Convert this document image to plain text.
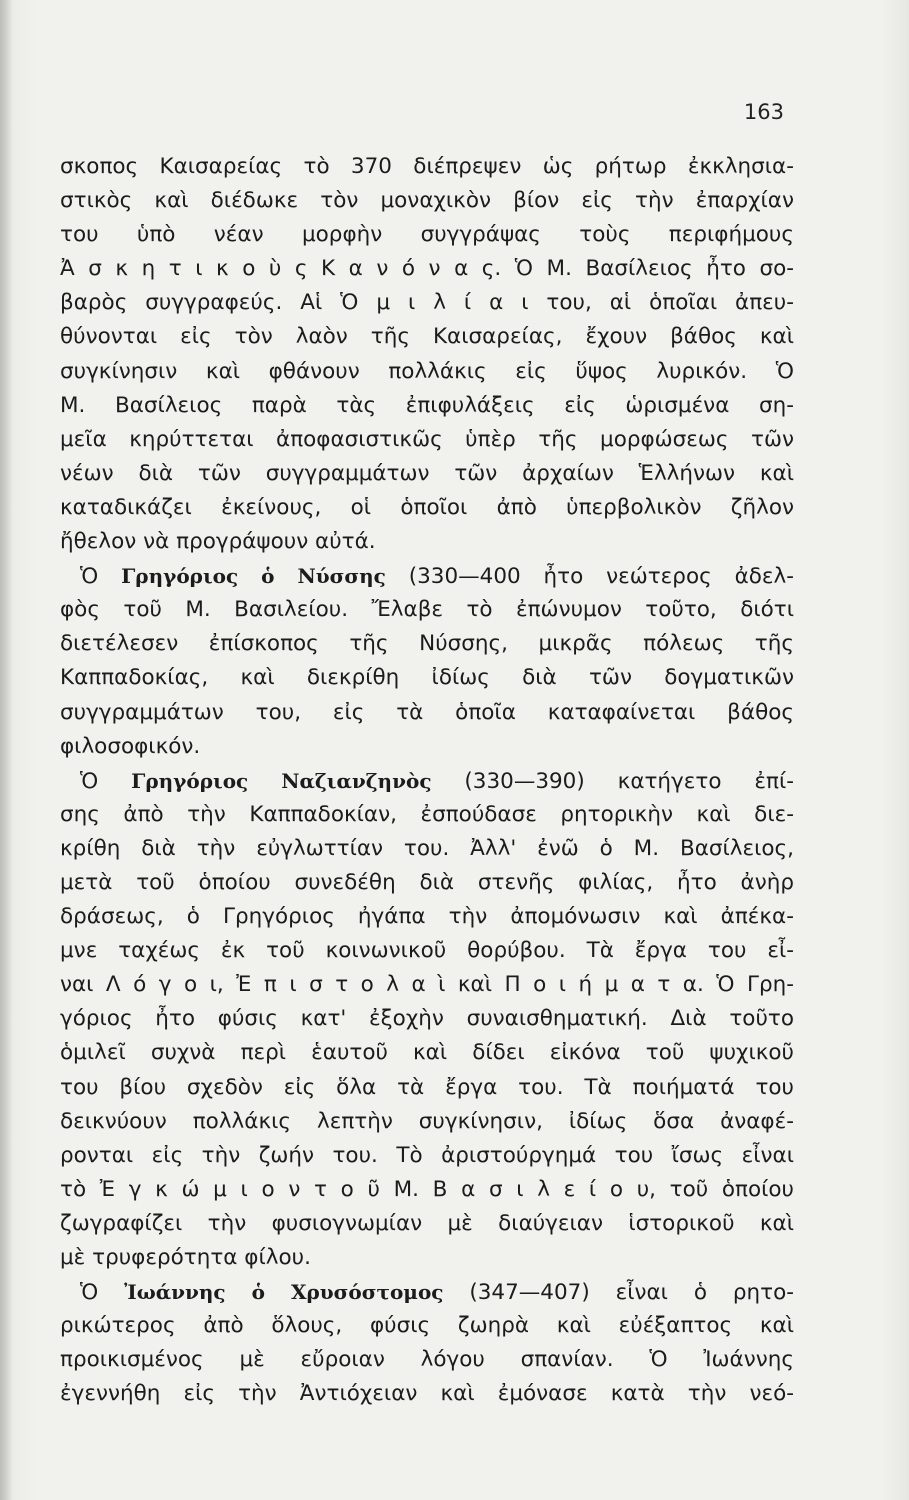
163
σκοπος Καισαρείας τὸ 370 διέπρεψεν ὡς ρήτωρ ἐκκλησια-
στικὸς καὶ διέδωκε τὸν μοναχικὸν βίον εἰς τὴν ἐπαρχίαν
του ὑπὸ νέαν μορφὴν συγγράψας τοὺς περιφήμους
Ἀ σ κ η τ ι κ ο ὺ ς Κ α ν ό ν α ς. Ὁ Μ. Βασίλειος ἦτο σο-
βαρὸς συγγραφεύς. Αἱ Ὁ μ ι λ ί α ι του, αἱ ὁποῖαι ἀπευ-
θύνονται εἰς τὸν λαὸν τῆς Καισαρείας, ἔχουν βάθος καὶ
συγκίνησιν καὶ φθάνουν πολλάκις εἰς ὕψος λυρικόν. Ὁ
Μ. Βασίλειος παρὰ τὰς ἐπιφυλάξεις εἰς ὡρισμένα ση-
μεῖα κηρύττεται ἀποφασιστικῶς ὑπὲρ τῆς μορφώσεως τῶν
νέων διὰ τῶν συγγραμμάτων τῶν ἀρχαίων Ἑλλήνων καὶ
καταδικάζει ἐκείνους, οἱ ὁποῖοι ἀπὸ ὑπερβολικὸν ζῆλον
ἤθελον νὰ προγράψουν αὐτά.
Ὁ Γρηγόριος ὁ Νύσσης (330—400 ἦτο νεώτερος ἀδελ-
φὸς τοῦ Μ. Βασιλείου. Ἔλαβε τὸ ἐπώνυμον τοῦτο, διότι
διετέλεσεν ἐπίσκοπος τῆς Νύσσης, μικρᾶς πόλεως τῆς
Καππαδοκίας, καὶ διεκρίθη ἰδίως διὰ τῶν δογματικῶν
συγγραμμάτων του, εἰς τὰ ὁποῖα καταφαίνεται βάθος
φιλοσοφικόν.
Ὁ Γρηγόριος Ναζιανζηνὸς (330—390) κατήγετο ἐπί-
σης ἀπὸ τὴν Καππαδοκίαν, ἐσπούδασε ρητορικὴν καὶ διε-
κρίθη διὰ τὴν εὐγλωττίαν του. Ἀλλ' ἐνῶ ὁ Μ. Βασίλειος,
μετὰ τοῦ ὁποίου συνεδέθη διὰ στενῆς φιλίας, ἦτο ἀνὴρ
δράσεως, ὁ Γρηγόριος ἠγάπα τὴν ἀπομόνωσιν καὶ ἀπέκα-
μνε ταχέως ἐκ τοῦ κοινωνικοῦ θορύβου. Τὰ ἔργα του εἶ-
ναι Λ ό γ ο ι, Ἐ π ι σ τ ο λ α ὶ καὶ Π ο ι ή μ α τ α. Ὁ Γρη-
γόριος ἦτο φύσις κατ' ἐξοχὴν συναισθηματική. Διὰ τοῦτο
ὁμιλεῖ συχνὰ περὶ ἑαυτοῦ καὶ δίδει εἰκόνα τοῦ ψυχικοῦ
του βίου σχεδὸν εἰς ὅλα τὰ ἔργα του. Τὰ ποιήματά του
δεικνύουν πολλάκις λεπτὴν συγκίνησιν, ἰδίως ὅσα ἀναφέ-
ρονται εἰς τὴν ζωήν του. Τὸ ἀριστούργημά του ἴσως εἶναι
τὸ Ἐ γ κ ώ μ ι ο ν τ ο ῦ Μ. Β α σ ι λ ε ί ο υ, τοῦ ὁποίου
ζωγραφίζει τὴν φυσιογνωμίαν μὲ διαύγειαν ἱστορικοῦ καὶ
μὲ τρυφερότητα φίλου.
Ὁ Ἰωάννης ὁ Χρυσόστομος (347—407) εἶναι ὁ ρητο-
ρικώτερος ἀπὸ ὅλους, φύσις ζωηρὰ καὶ εὐέξαπτος καὶ
προικισμένος μὲ εὔροιαν λόγου σπανίαν. Ὁ Ἰωάννης
ἐγεννήθη εἰς τὴν Ἀντιόχειαν καὶ ἐμόνασε κατὰ τὴν νεό-
